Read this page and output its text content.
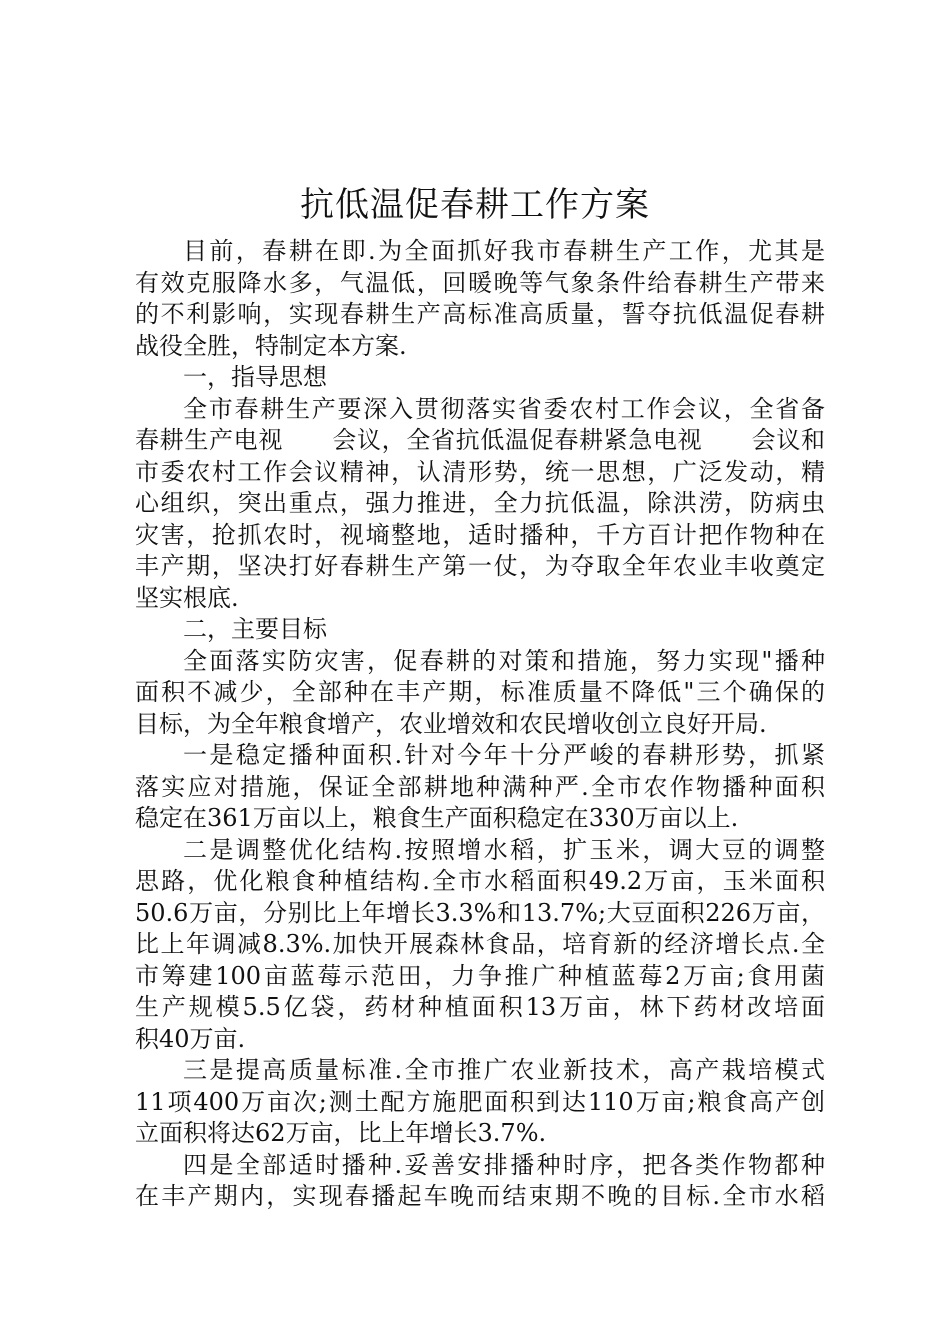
抗低温促春耕工作方案
目前，春耕在即.为全面抓好我市春耕生产工作，尤其是
有效克服降水多，气温低，回暖晚等气象条件给春耕生产带来
的不利影响，实现春耕生产高标准高质量，誓夺抗低温促春耕
战役全胜，特制定本方案.
一，指导思想
全市春耕生产要深入贯彻落实省委农村工作会议，全省备
春耕生产电视　　会议，全省抗低温促春耕紧急电视　　会议和
市委农村工作会议精神，认清形势，统一思想，广泛发动，精
心组织，突出重点，强力推进，全力抗低温，除洪涝，防病虫
灾害，抢抓农时，视墒整地，适时播种，千方百计把作物种在
丰产期，坚决打好春耕生产第一仗，为夺取全年农业丰收奠定
坚实根底.
二，主要目标
全面落实防灾害，促春耕的对策和措施，努力实现"播种
面积不减少，全部种在丰产期，标准质量不降低"三个确保的
目标，为全年粮食增产，农业增效和农民增收创立良好开局.
一是稳定播种面积.针对今年十分严峻的春耕形势，抓紧
落实应对措施，保证全部耕地种满种严.全市农作物播种面积
稳定在361万亩以上，粮食生产面积稳定在330万亩以上.
二是调整优化结构.按照增水稻，扩玉米，调大豆的调整
思路，优化粮食种植结构.全市水稻面积49.2万亩，玉米面积
50.6万亩，分别比上年增长3.3%和13.7%;大豆面积226万亩，
比上年调减8.3%.加快开展森林食品，培育新的经济增长点.全
市筹建100亩蓝莓示范田，力争推广种植蓝莓2万亩;食用菌
生产规模5.5亿袋，药材种植面积13万亩，林下药材改培面
积40万亩.
三是提高质量标准.全市推广农业新技术，高产栽培模式
11项400万亩次;测土配方施肥面积到达110万亩;粮食高产创
立面积将达62万亩，比上年增长3.7%.
四是全部适时播种.妥善安排播种时序，把各类作物都种
在丰产期内，实现春播起车晚而结束期不晚的目标.全市水稻
